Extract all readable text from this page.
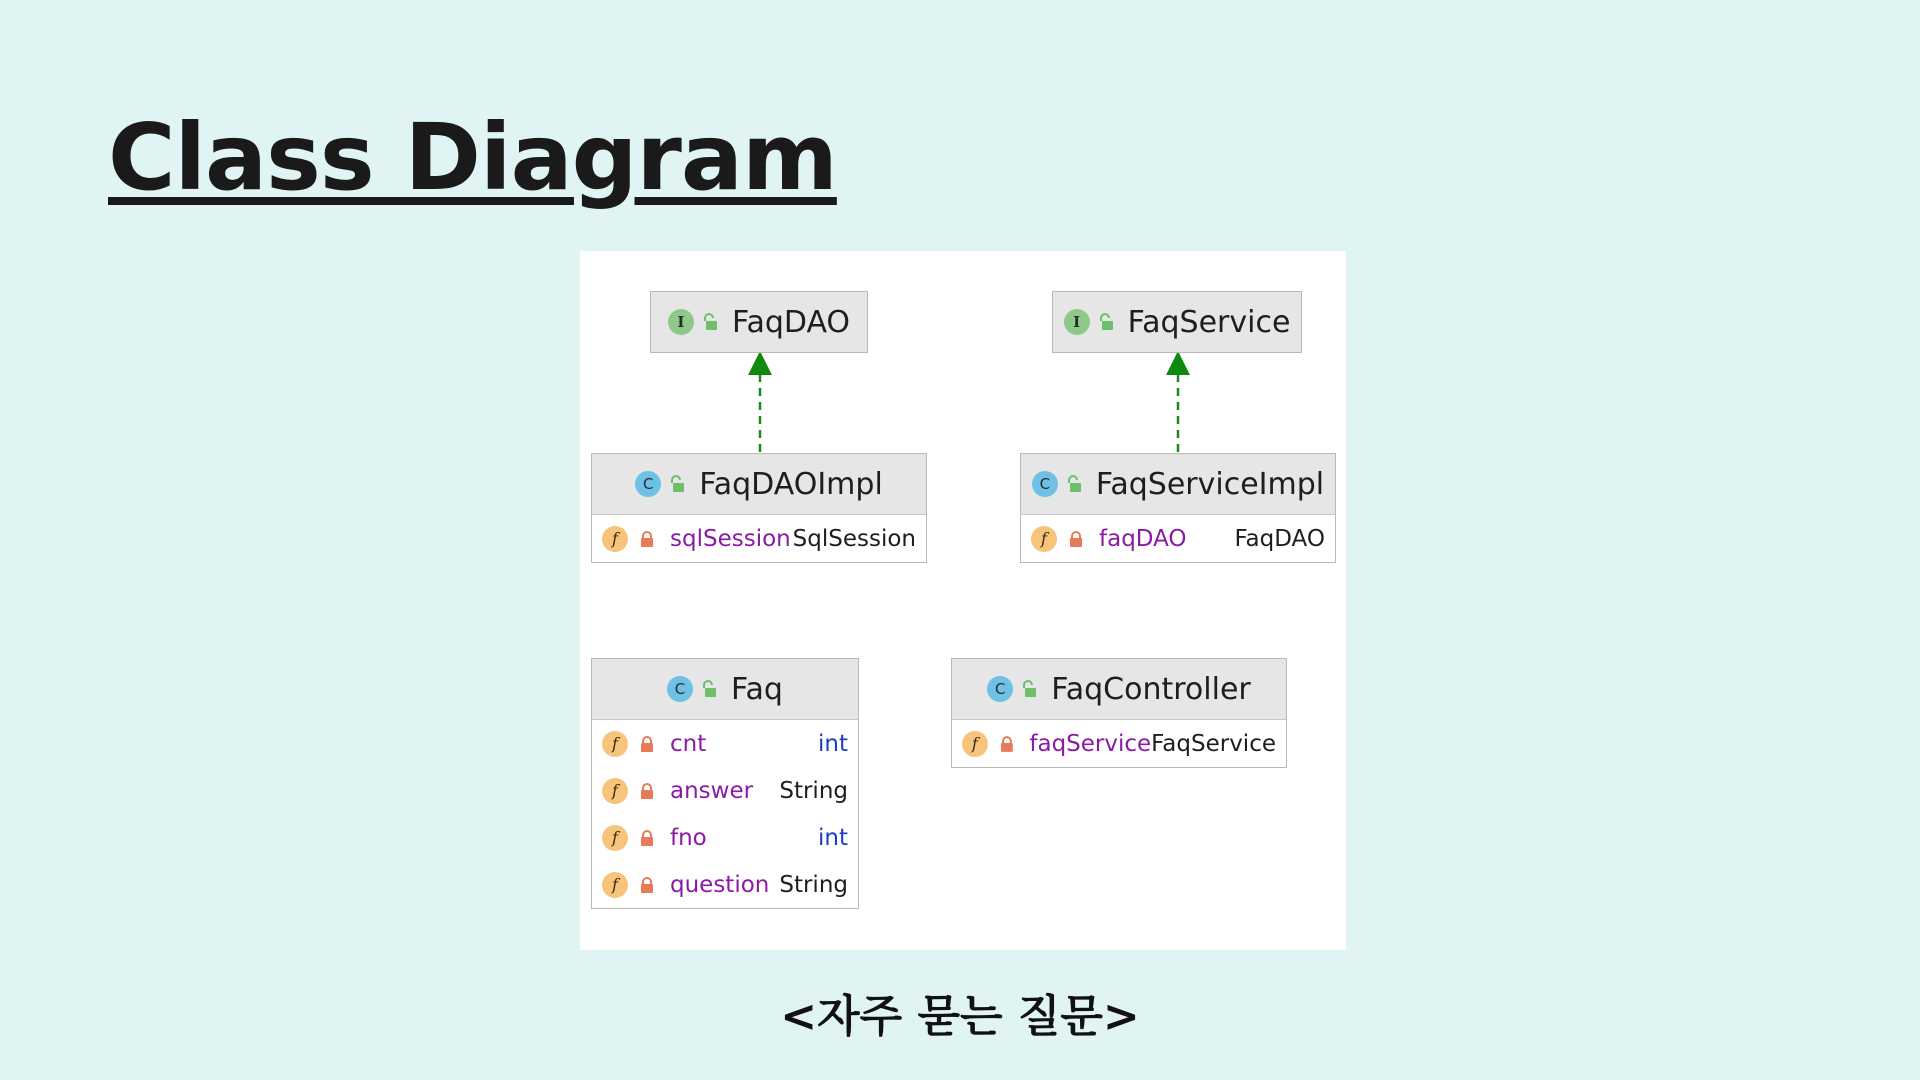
Class Diagram
I	FaqDAO	I	FaqService
C FaqDAOImpl
f	sqlSession SqlSession
C FaqServiceImpl
f	faqDAO FaqDAO
C Faq
f	cnt	int
f	answer String
f	fno	int
f	question String
C FaqController
f	faqService FaqService
<자주 묻는 질문>
